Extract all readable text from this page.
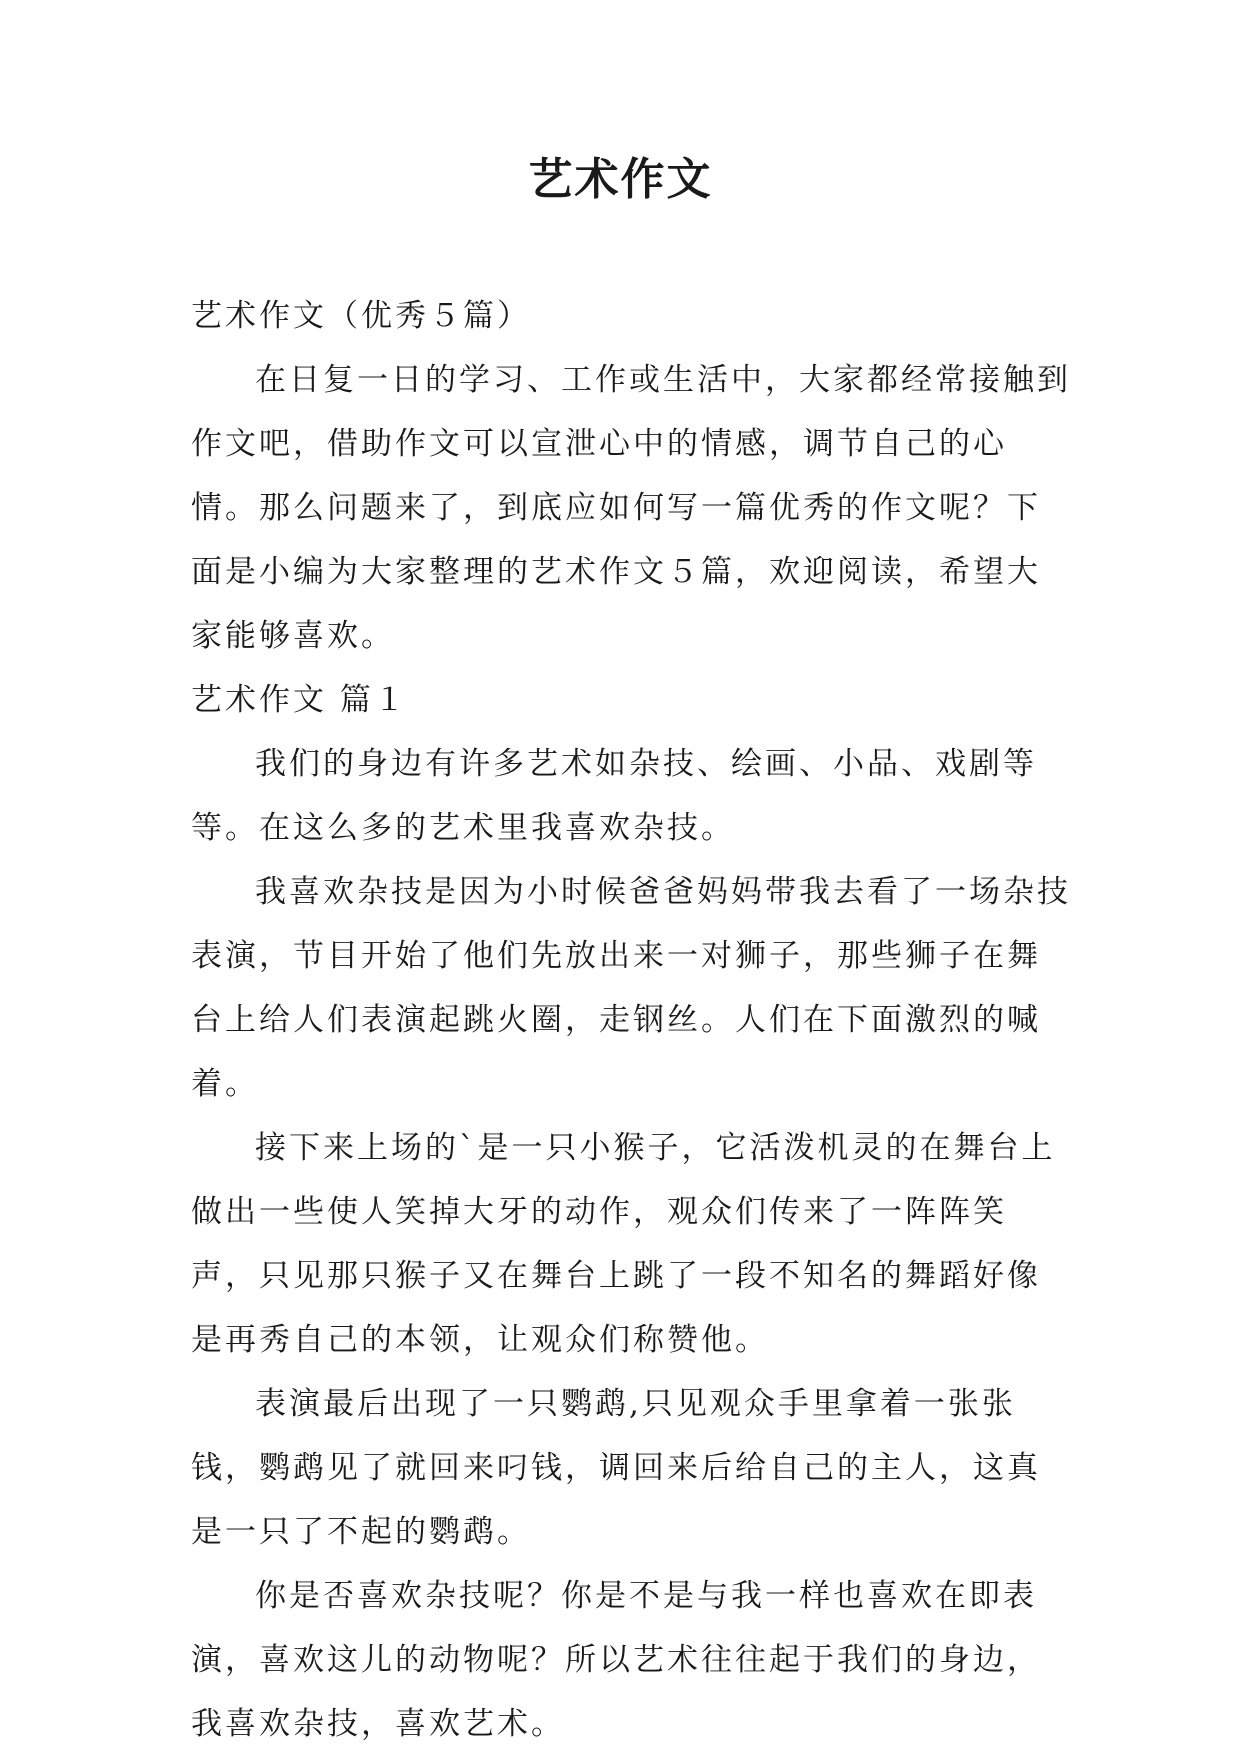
艺术作文

艺术作文（优秀５篇）

在日复一日的学习、工作或生活中，大家都经常接触到作文吧，借助作文可以宣泄心中的情感，调节自己的心情。那么问题来了，到底应如何写一篇优秀的作文呢？下面是小编为大家整理的艺术作文５篇，欢迎阅读，希望大家能够喜欢。

艺术作文 篇１

我们的身边有许多艺术如杂技、绘画、小品、戏剧等等。在这么多的艺术里我喜欢杂技。

我喜欢杂技是因为小时候爸爸妈妈带我去看了一场杂技表演，节目开始了他们先放出来一对狮子，那些狮子在舞台上给人们表演起跳火圈，走钢丝。人们在下面激烈的喊着。

接下来上场的`是一只小猴子，它活泼机灵的在舞台上做出一些使人笑掉大牙的动作，观众们传来了一阵阵笑声，只见那只猴子又在舞台上跳了一段不知名的舞蹈好像是再秀自己的本领，让观众们称赞他。

表演最后出现了一只鹦鹉,只见观众手里拿着一张张钱，鹦鹉见了就回来叼钱，调回来后给自己的主人，这真是一只了不起的鹦鹉。

你是否喜欢杂技呢？你是不是与我一样也喜欢在即表演，喜欢这儿的动物呢？所以艺术往往起于我们的身边，我喜欢杂技，喜欢艺术。
